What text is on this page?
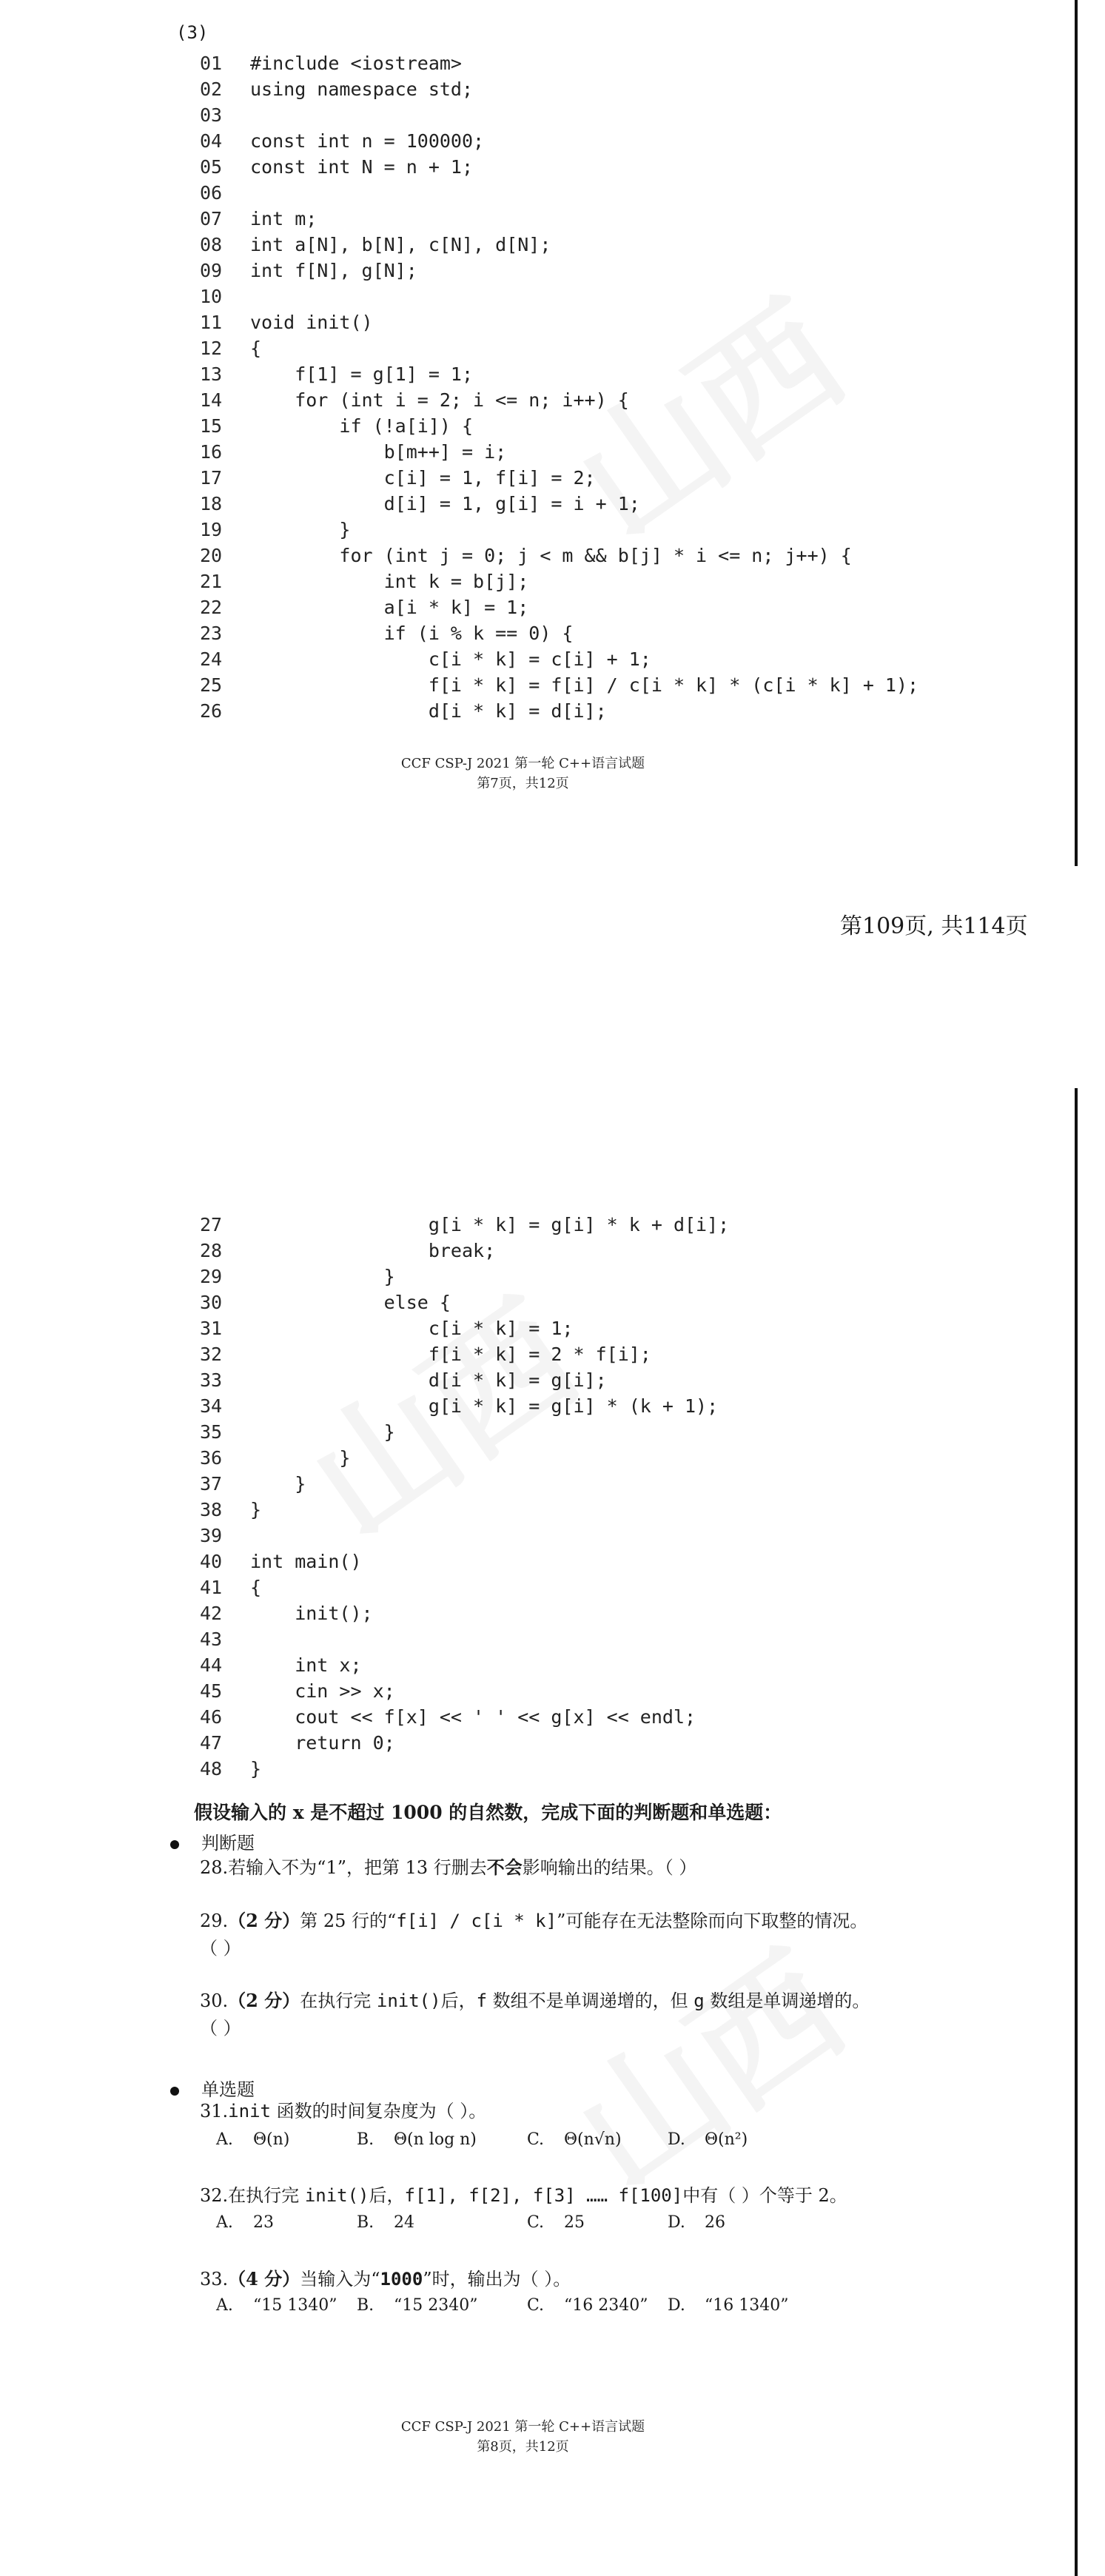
(3)
01 #include <iostream>
02 using namespace std;
03
04 const int n = 100000;
05 const int N = n + 1;
06
07 int m;
08 int a[N], b[N], c[N], d[N];
09 int f[N], g[N];
10
11 void init()
12 {
13    f[1] = g[1] = 1;
14    for (int i = 2; i <= n; i++) {
15        if (!a[i]) {
16            b[m++] = i;
17            c[i] = 1, f[i] = 2;
18            d[i] = 1, g[i] = i + 1;
19        }
20        for (int j = 0; j < m && b[j] * i <= n; j++) {
21            int k = b[j];
22            a[i * k] = 1;
23            if (i % k == 0) {
24                c[i * k] = c[i] + 1;
25                f[i * k] = f[i] / c[i * k] * (c[i * k] + 1);
26                d[i * k] = d[i];
CCF CSP-J 2021 第一轮 C++语言试题
第7页，共12页
第109页, 共114页
27                g[i * k] = g[i] * k + d[i];
28                break;
29            }
30            else {
31                c[i * k] = 1;
32                f[i * k] = 2 * f[i];
33                d[i * k] = g[i];
34                g[i * k] = g[i] * (k + 1);
35            }
36        }
37    }
38 }
39
40 int main()
41 {
42    init();
43
44    int x;
45    cin >> x;
46    cout << f[x] << ' ' << g[x] << endl;
47    return 0;
48 }
假设输入的 x 是不超过 1000 的自然数，完成下面的判断题和单选题：
判断题
28.若输入不为“1”，把第 13 行删去不会影响输出的结果。（ ）
29.（2 分）第 25 行的“f[i] / c[i * k]”可能存在无法整除而向下取整的情况。
（ ）
30.（2 分）在执行完 init()后，f 数组不是单调递增的，但 g 数组是单调递增的。
（ ）
单选题
31.init 函数的时间复杂度为（ ）。
A. Θ(n)	B. Θ(n log n)	C. Θ(n√n)	D. Θ(n²)
32.在执行完 init()后，f[1], f[2], f[3] …… f[100]中有（ ）个等于 2。
A. 23	B. 24	C. 25	D. 26
33.（4 分）当输入为“1000”时，输出为（ ）。
A. “15 1340” B. “15 2340”	C. “16 2340” D. “16 1340”
CCF CSP-J 2021 第一轮 C++语言试题
第8页，共12页
